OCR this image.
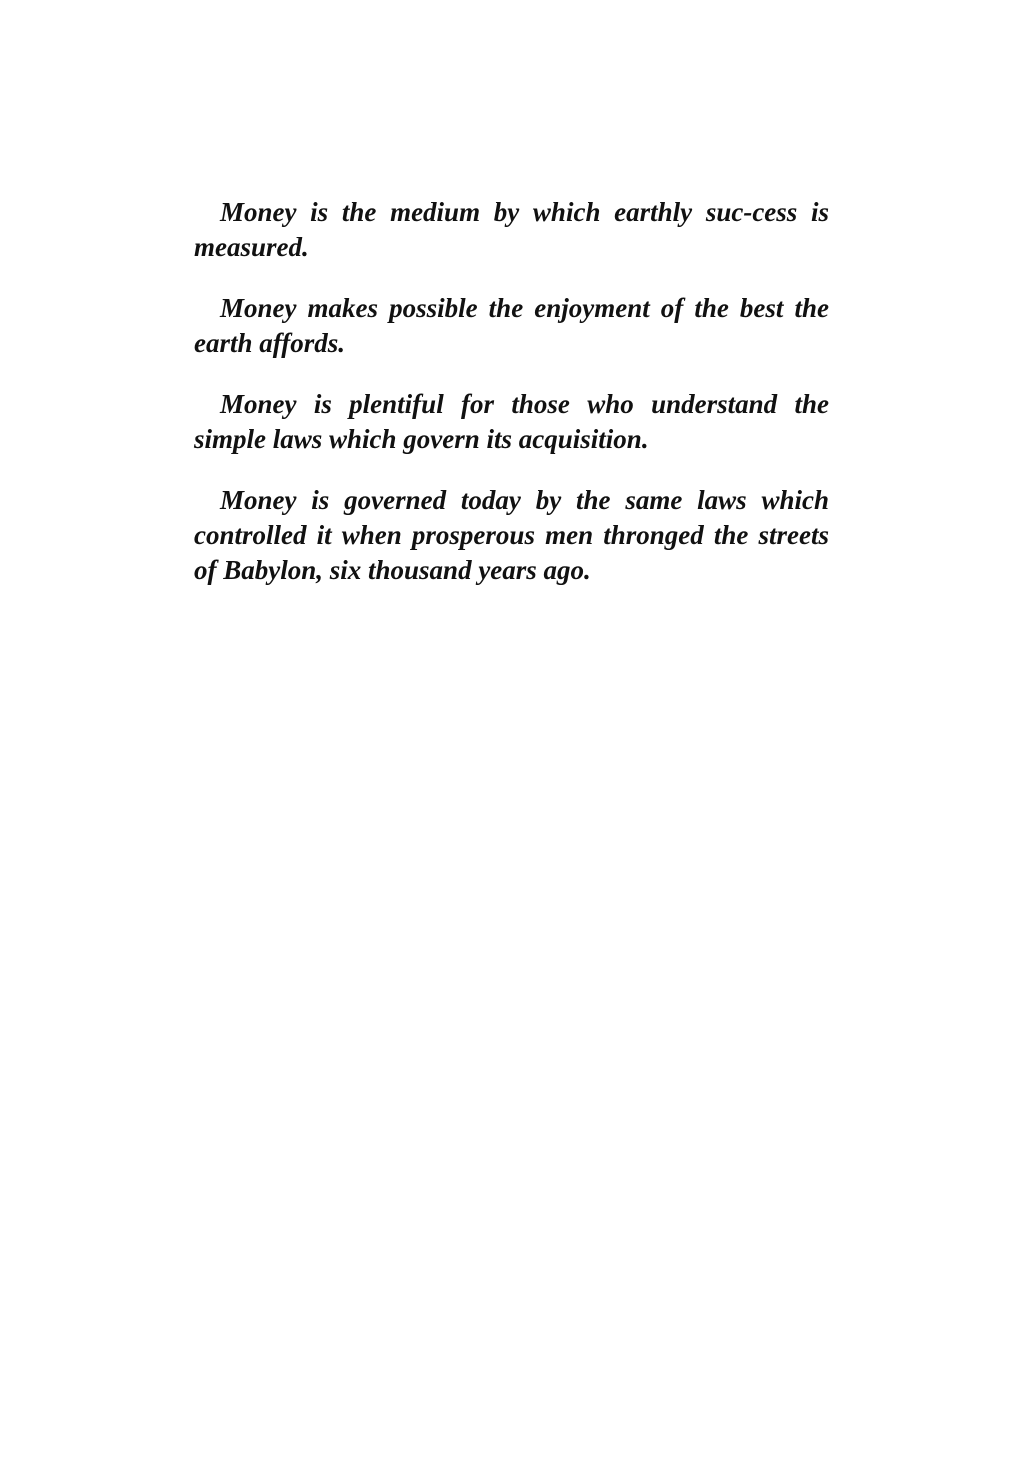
Money is the medium by which earthly suc-cess is measured.

Money makes possible the enjoyment of the best the earth affords.

Money is plentiful for those who understand the simple laws which govern its acquisition.

Money is governed today by the same laws which controlled it when prosperous men thronged the streets of Babylon, six thousand years ago.
